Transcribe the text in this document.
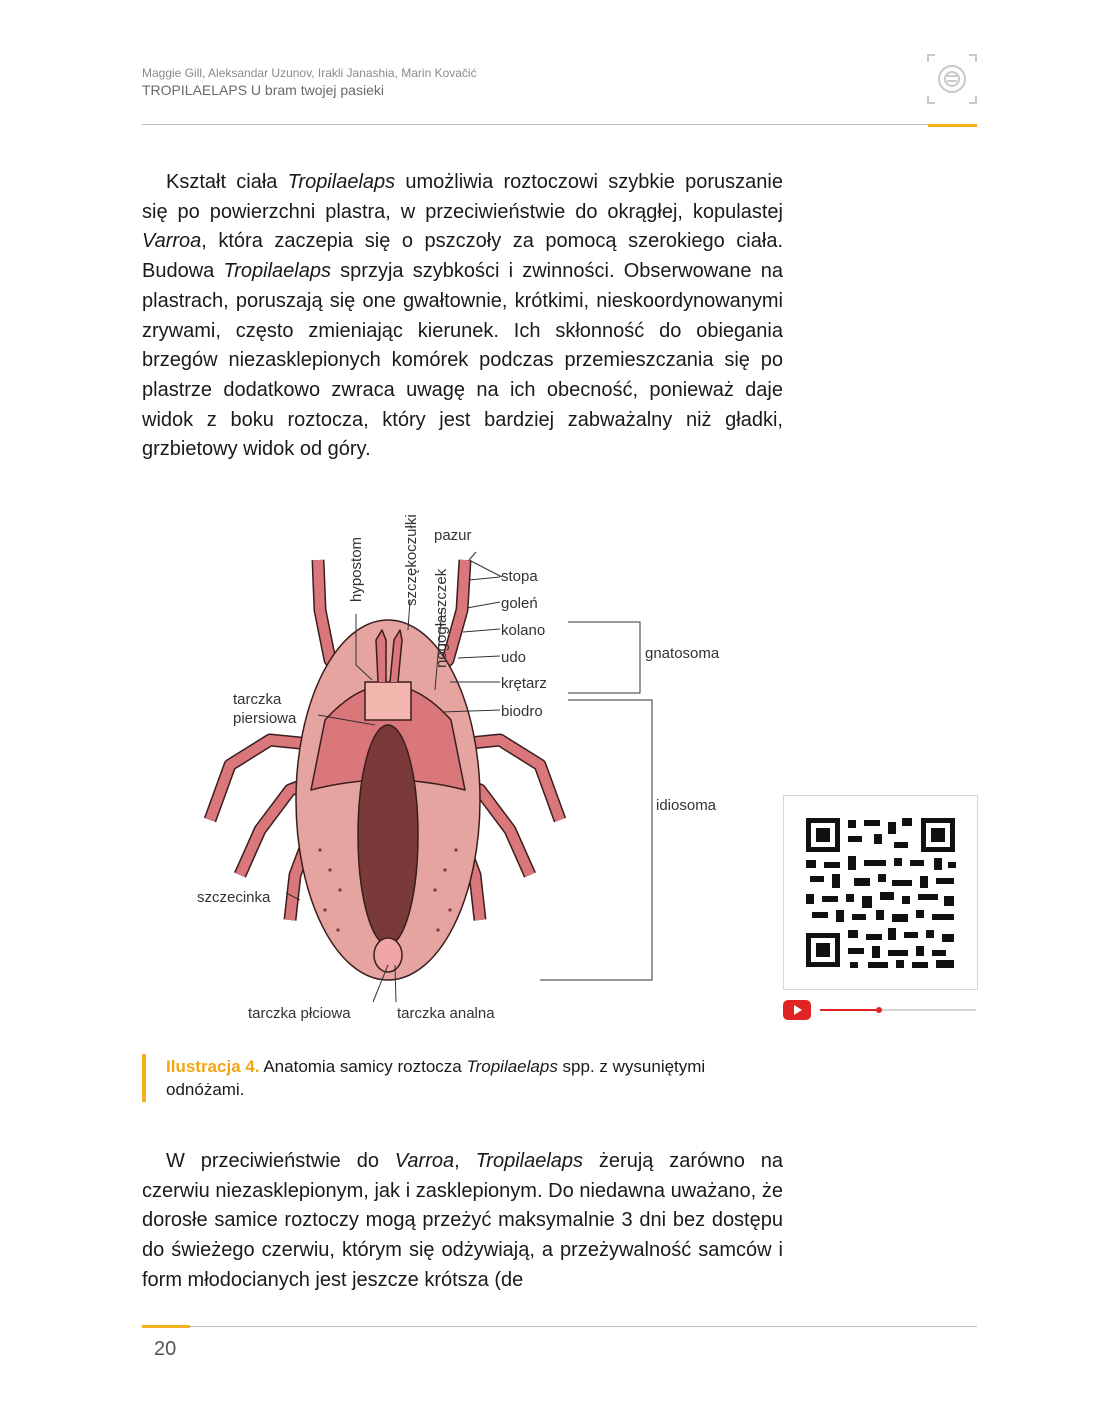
Maggie Gill, Aleksandar Uzunov, Irakli Janashia, Marin Kovačić
TROPILAELAPS U bram twojej pasieki

Kształt ciała Tropilaelaps umożliwia roztoczowi szybkie poruszanie się po powierzchni plastra, w przeciwieństwie do okrągłej, kopulastej Varroa, która zaczepia się o pszczoły za pomocą szerokiego ciała. Budowa Tropilaelaps sprzyja szybkości i zwinności. Obserwowane na plastrach, poruszają się one gwałtownie, krótkimi, nieskoordynowanymi zrywami, często zmieniając kierunek. Ich skłonność do obiegania brzegów niezasklepionych komórek podczas przemieszczania się po plastrze dodatkowo zwraca uwagę na ich obecność, ponieważ daje widok z boku roztocza, który jest bardziej zabważalny niż gładki, grzbietowy widok od góry.

hypostom	szczękoczułki
nogogłaszczek
pazur
stopa
goleń
kolano
udo
krętarz
biodro
gnatosoma
idiosoma
tarczka
piersiowa
szczecinka
tarczka płciowa	tarczka analna

Ilustracja 4. Anatomia samicy roztocza Tropilaelaps spp. z wysuniętymi odnóżami.

W przeciwieństwie do Varroa, Tropilaelaps żerują zarówno na czerwiu niezasklepionym, jak i zasklepionym. Do niedawna uważano, że dorosłe samice roztoczy mogą przeżyć maksymalnie 3 dni bez dostępu do świeżego czerwiu, którym się odżywiają, a przeżywalność samców i form młodocianych jest jeszcze krótsza (de

20
